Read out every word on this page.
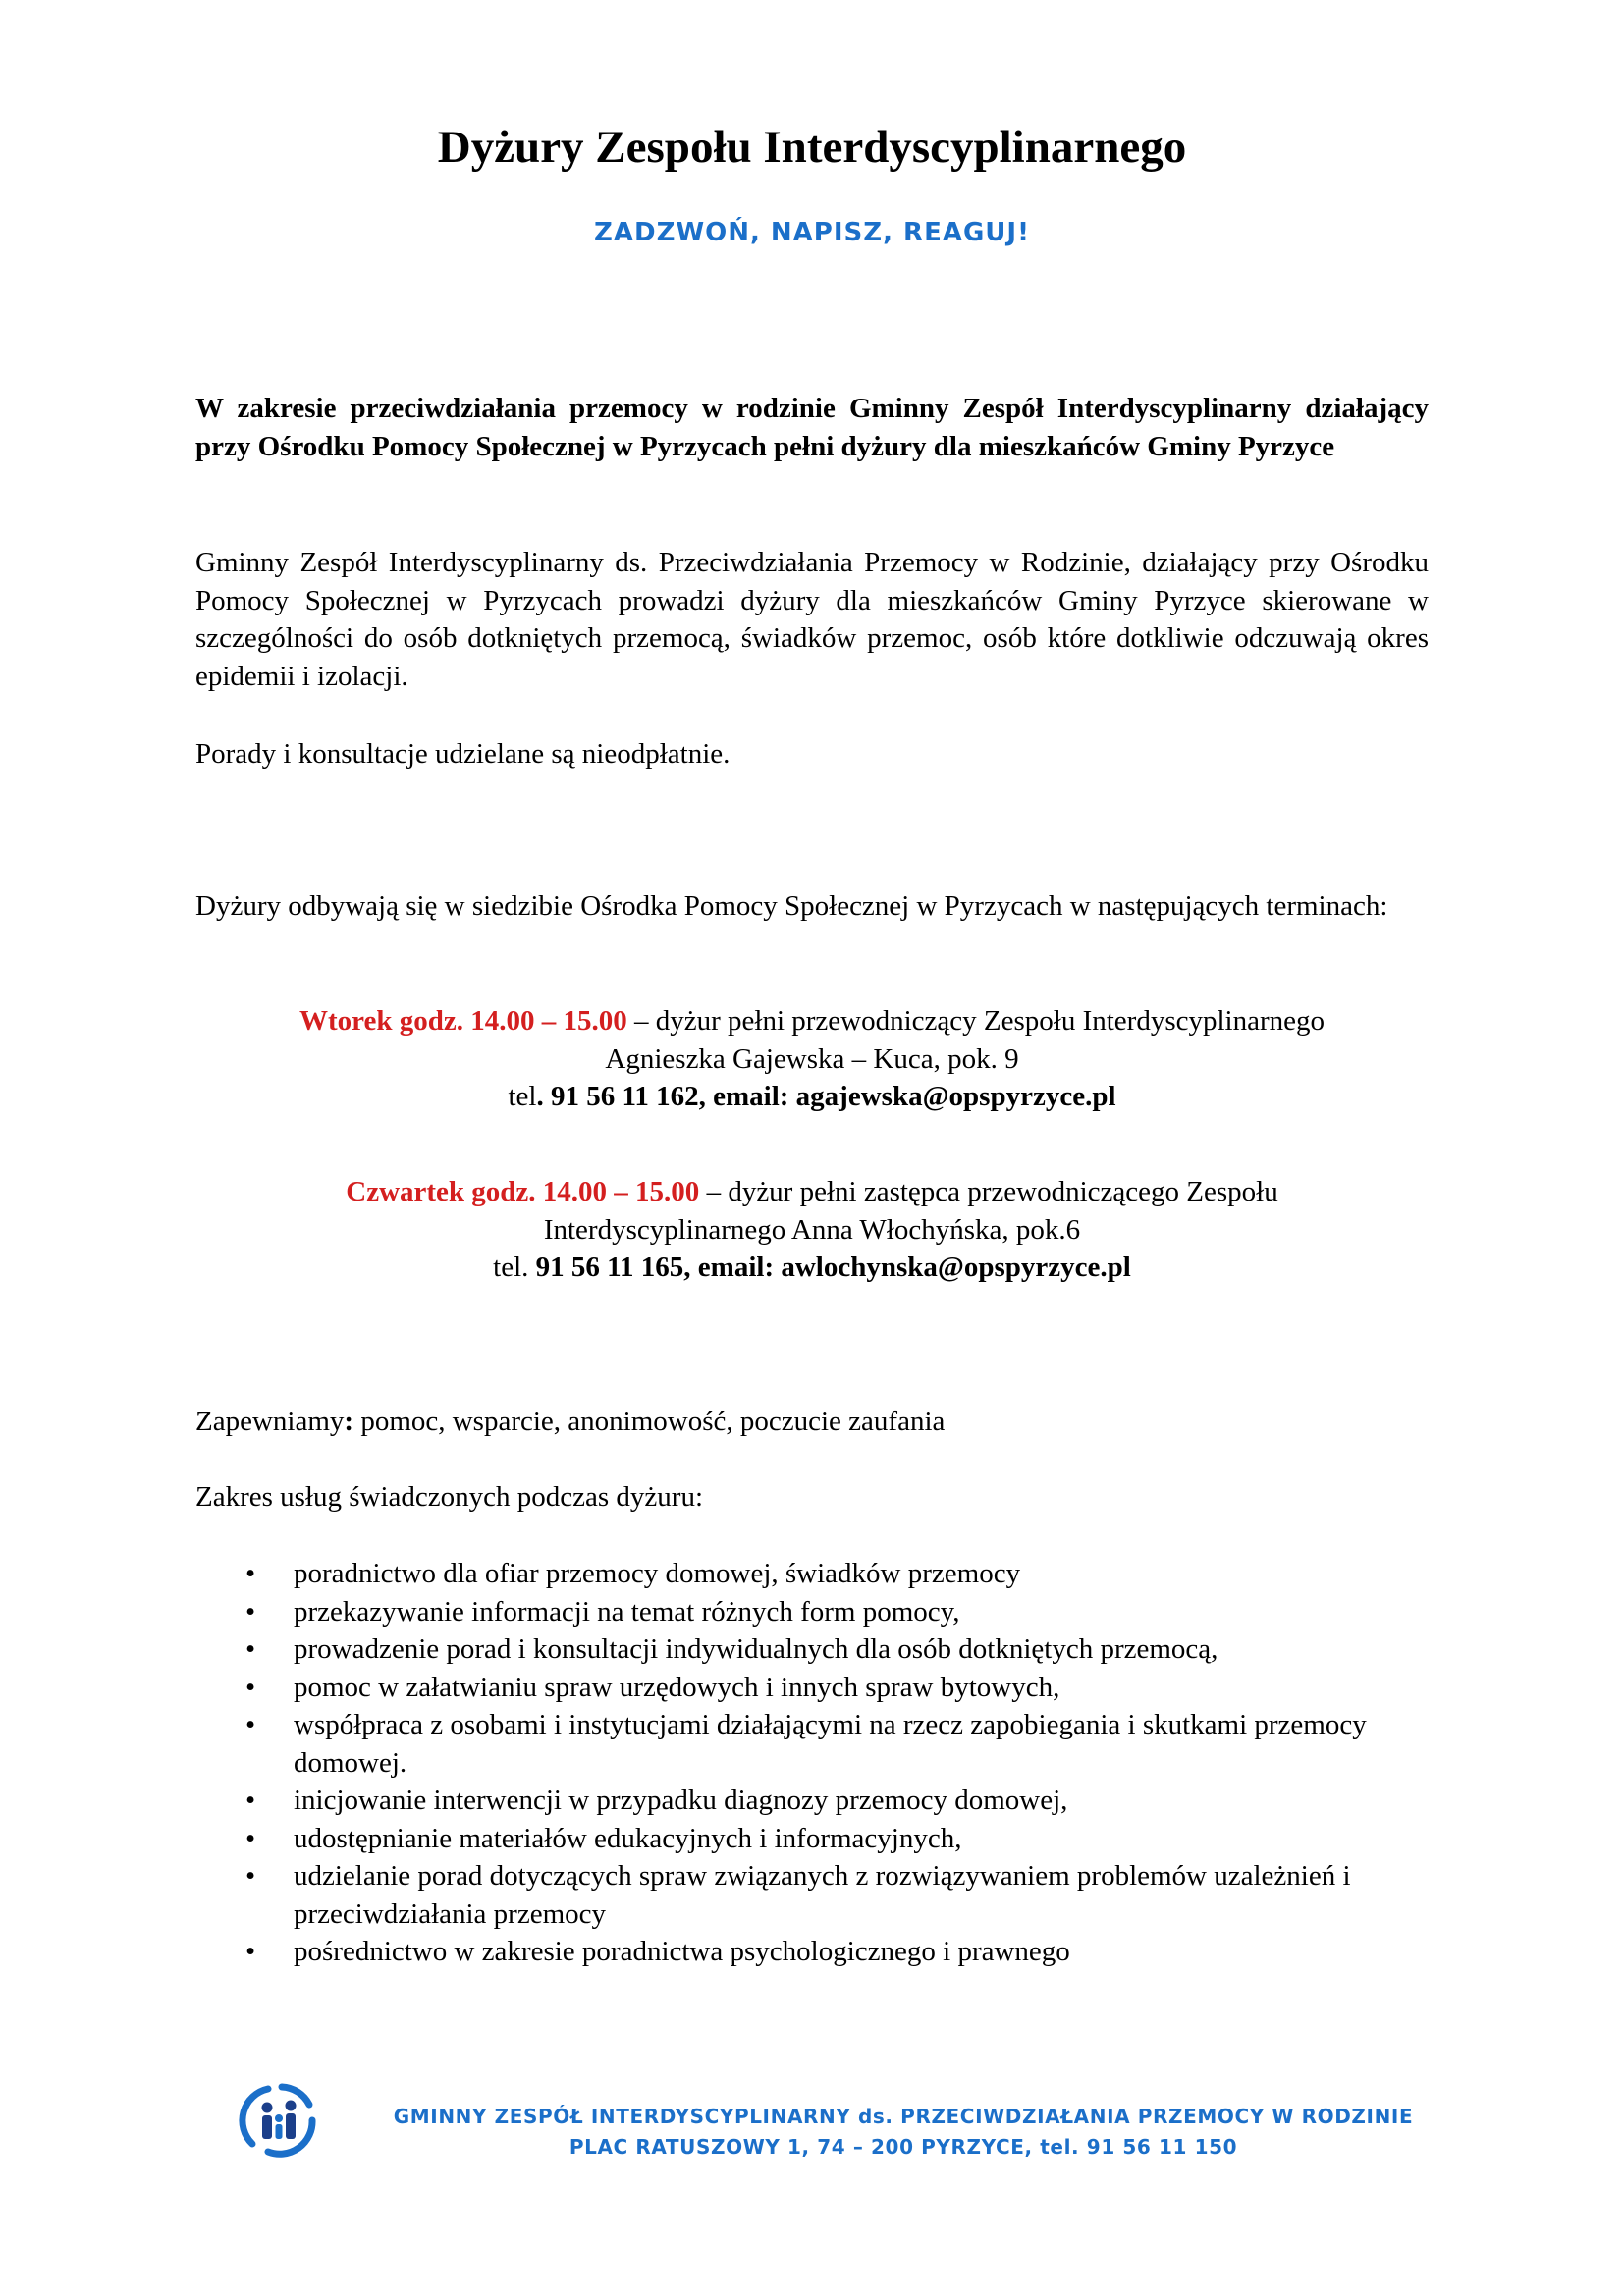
Dyżury Zespołu Interdyscyplinarnego

ZADZWOŃ, NAPISZ, REAGUJ!

W zakresie przeciwdziałania przemocy w rodzinie Gminny Zespół Interdyscyplinarny działający przy Ośrodku Pomocy Społecznej w Pyrzycach pełni dyżury dla mieszkańców Gminy Pyrzyce

Gminny Zespół Interdyscyplinarny ds. Przeciwdziałania Przemocy w Rodzinie, działający przy Ośrodku Pomocy Społecznej w Pyrzycach prowadzi dyżury dla mieszkańców Gminy Pyrzyce skierowane w szczególności do osób dotkniętych przemocą, świadków przemoc, osób które dotkliwie odczuwają okres epidemii i izolacji.

Porady i konsultacje udzielane są nieodpłatnie.

Dyżury odbywają się w siedzibie Ośrodka Pomocy Społecznej w Pyrzycach w następujących terminach:

Wtorek godz. 14.00 – 15.00 – dyżur pełni przewodniczący Zespołu Interdyscyplinarnego
Agnieszka Gajewska – Kuca, pok. 9
tel. 91 56 11 162, email: agajewska@opspyrzyce.pl
Czwartek godz. 14.00 – 15.00 – dyżur pełni zastępca przewodniczącego Zespołu
Interdyscyplinarnego Anna Włochyńska, pok.6
tel. 91 56 11 165, email: awlochynska@opspyrzyce.pl

Zapewniamy: pomoc, wsparcie, anonimowość, poczucie zaufania

Zakres usług świadczonych podczas dyżuru:

• poradnictwo dla ofiar przemocy domowej, świadków przemocy
• przekazywanie informacji na temat różnych form pomocy,
• prowadzenie porad i konsultacji indywidualnych dla osób dotkniętych przemocą,
• pomoc w załatwianiu spraw urzędowych i innych spraw bytowych,
• współpraca z osobami i instytucjami działającymi na rzecz zapobiegania i skutkami przemocy domowej.
• inicjowanie interwencji w przypadku diagnozy przemocy domowej,
• udostępnianie materiałów edukacyjnych i informacyjnych,
• udzielanie porad dotyczących spraw związanych z rozwiązywaniem problemów uzależnień i przeciwdziałania przemocy
• pośrednictwo w zakresie poradnictwa psychologicznego i prawnego
GMINNY ZESPÓŁ INTERDYSCYPLINARNY ds. PRZECIWDZIAŁANIA PRZEMOCY W RODZINIE
PLAC RATUSZOWY 1, 74 – 200 PYRZYCE, tel. 91 56 11 150
